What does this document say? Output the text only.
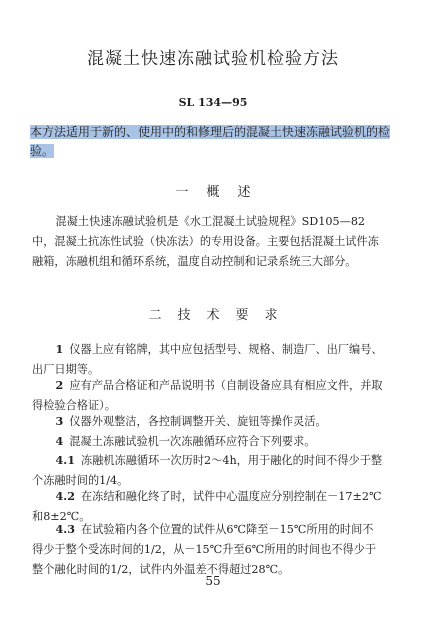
混凝土快速冻融试验机检验方法
SL 134—95
本方法适用于新的、使用中的和修理后的混凝土快速冻融试验机的检验。
一概述
混凝土快速冻融试验机是《水工混凝土试验规程》SD105—82中，混凝土抗冻性试验（快冻法）的专用设备。主要包括混凝土试件冻融箱，冻融机组和循环系统，温度自动控制和记录系统三大部分。
二技术要求
1 仪器上应有铭牌，其中应包括型号、规格、制造厂、出厂编号、出厂日期等。
2 应有产品合格证和产品说明书（自制设备应具有相应文件，并取得检验合格证）。
3 仪器外观整洁，各控制调整开关、旋钮等操作灵活。
4 混凝土冻融试验机一次冻融循环应符合下列要求。
4.1 冻融机冻融循环一次历时2～4h，用于融化的时间不得少于整个冻融时间的1/4。
4.2 在冻结和融化终了时，试件中心温度应分别控制在－17±2℃和8±2℃。
4.3 在试验箱内各个位置的试件从6℃降至－15℃所用的时间不得少于整个受冻时间的1/2，从－15℃升至6℃所用的时间也不得少于整个融化时间的1/2，试件内外温差不得超过28℃。
55
